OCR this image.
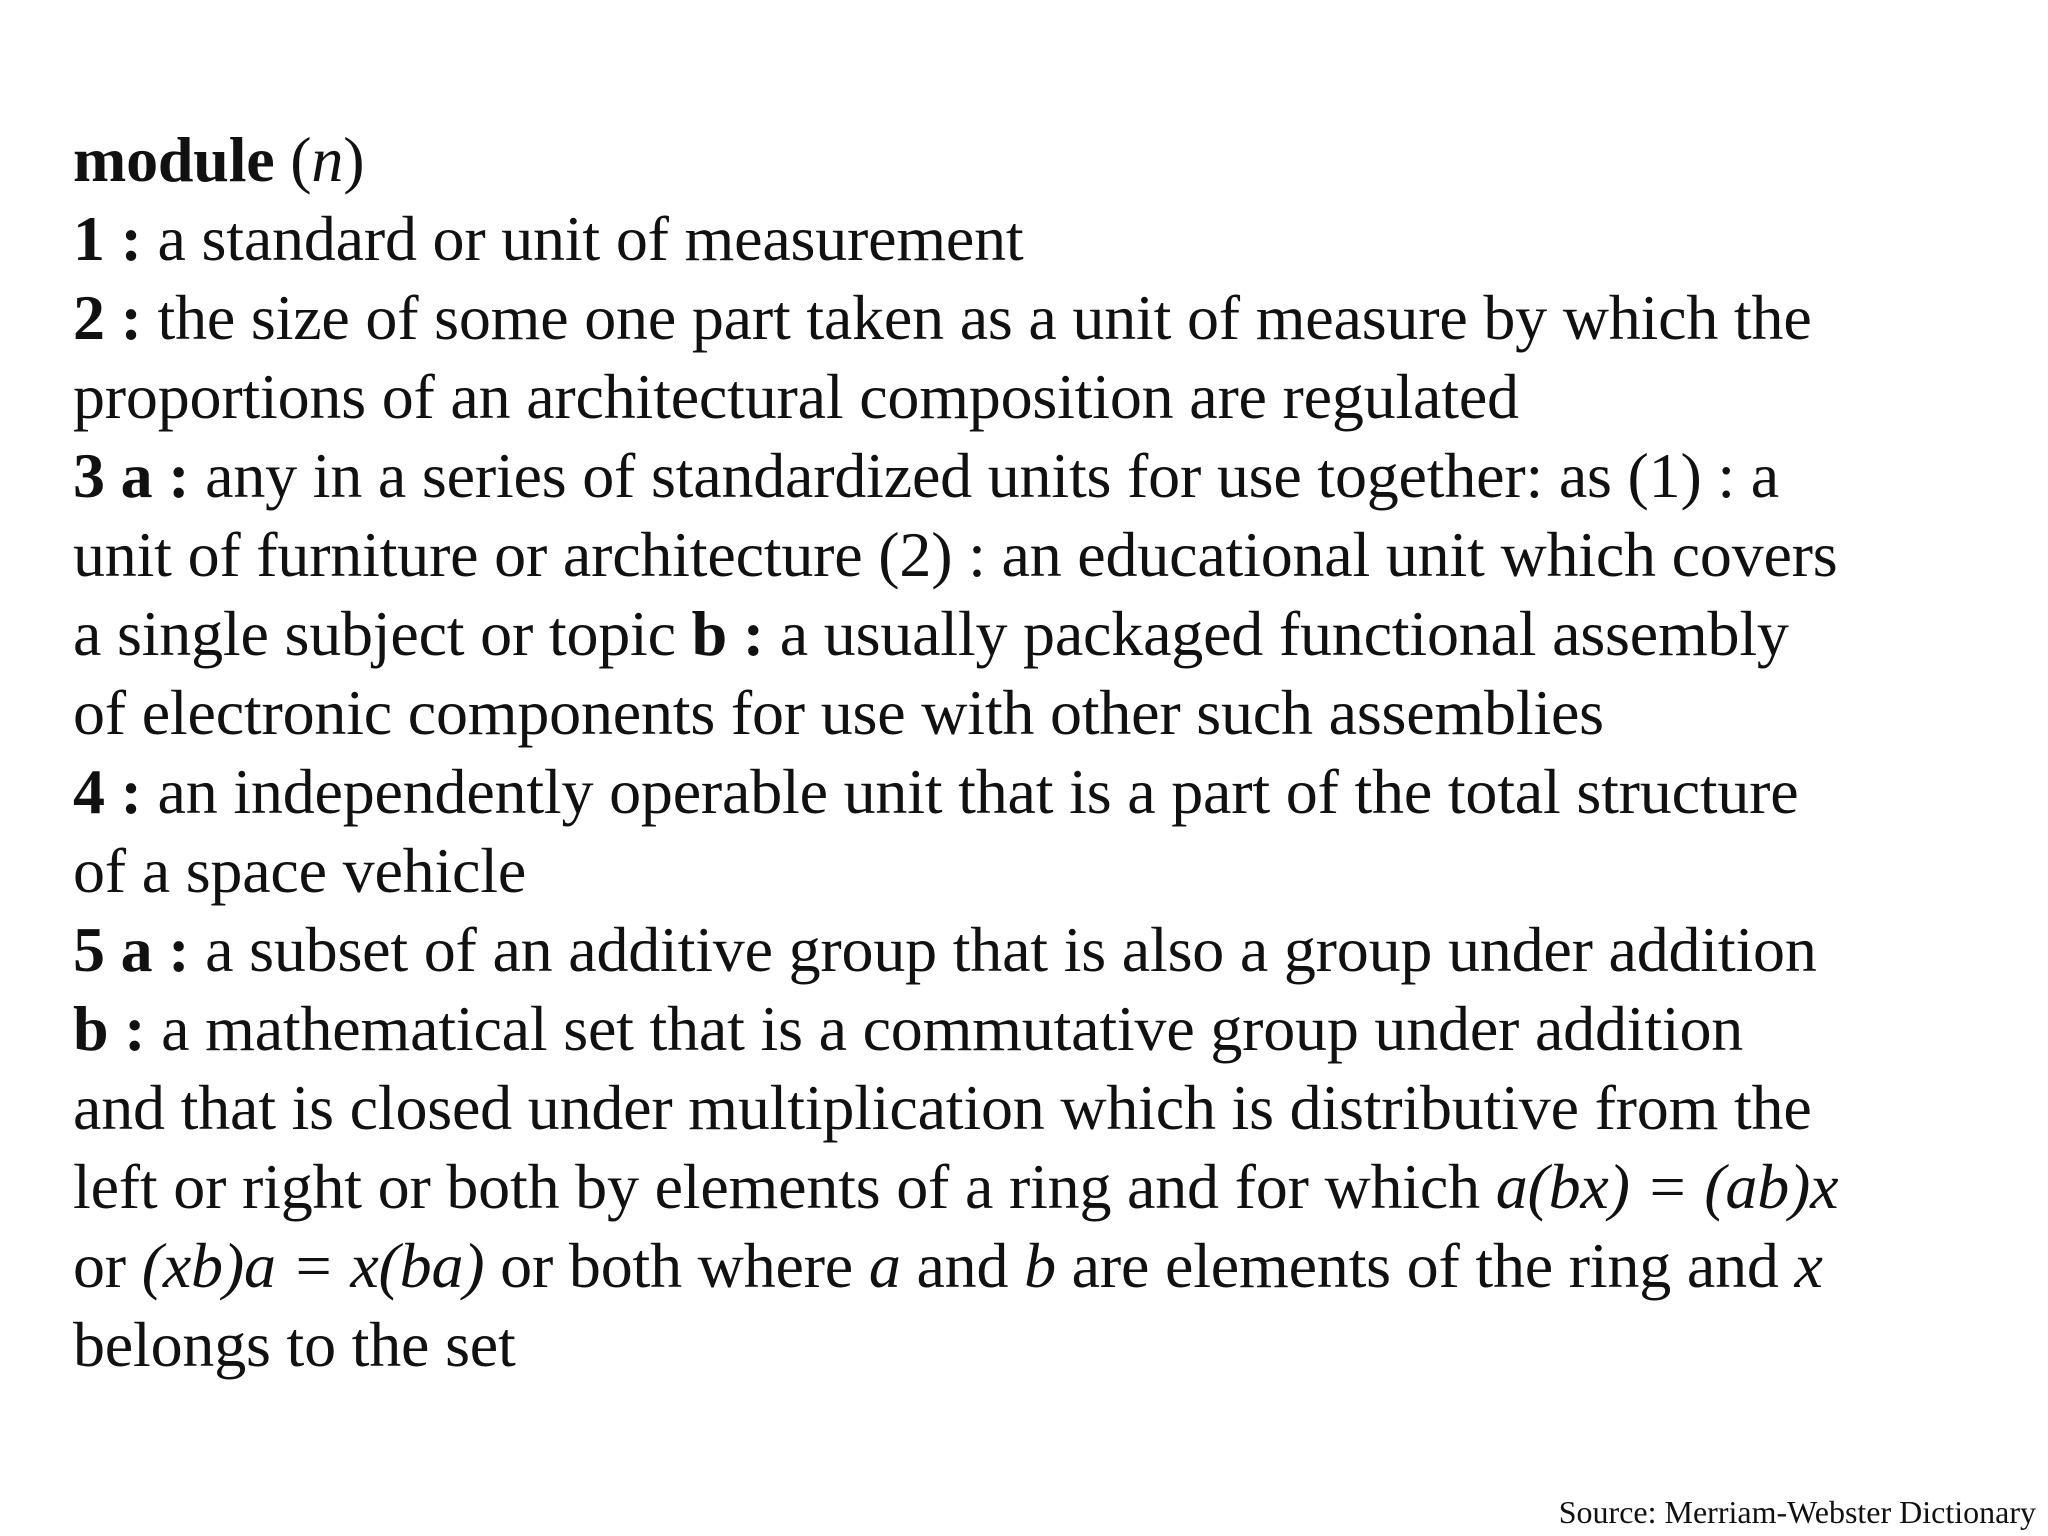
module (n)
1 : a standard or unit of measurement
2 : the size of some one part taken as a unit of measure by which the
proportions of an architectural composition are regulated
3 a : any in a series of standardized units for use together: as (1) : a
unit of furniture or architecture (2) : an educational unit which covers
a single subject or topic b : a usually packaged functional assembly
of electronic components for use with other such assemblies
4 : an independently operable unit that is a part of the total structure
of a space vehicle
5 a : a subset of an additive group that is also a group under addition
b : a mathematical set that is a commutative group under addition
and that is closed under multiplication which is distributive from the
left or right or both by elements of a ring and for which a(bx) = (ab)x
or (xb)a = x(ba) or both where a and b are elements of the ring and x
belongs to the set
Source: Merriam-Webster Dictionary
